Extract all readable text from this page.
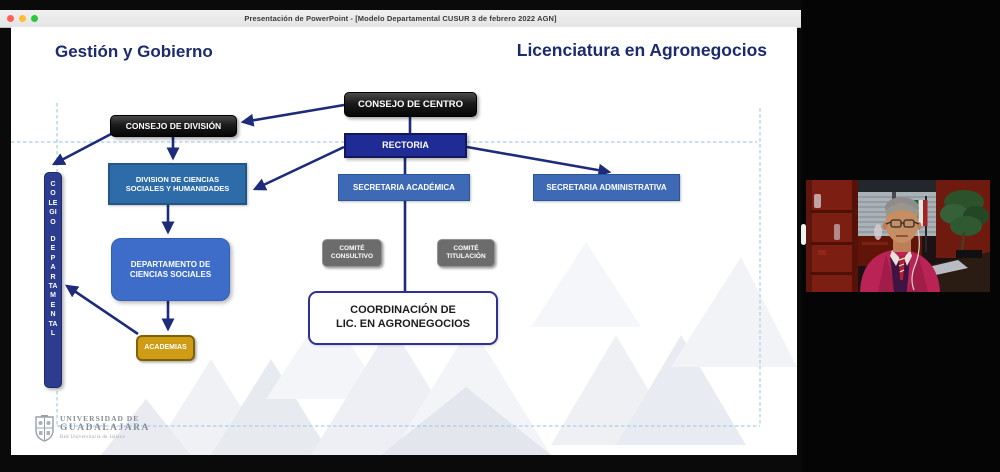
Presentación de PowerPoint - [Modelo Departamental CUSUR 3 de febrero 2022 AGN]
Gestión y Gobierno	Licenciatura en Agronegocios
CONSEJO DE CENTRO
CONSEJO DE DIVISIÓN
RECTORIA
DIVISION DE CIENCIAS
SOCIALES Y HUMANIDADES	SECRETARIA ACADÉMICA	SECRETARIA ADMINISTRATIVA
COLEGIO
DEPARTAMENTAL
DEPARTAMENTO DE
CIENCIAS SOCIALES
COMITÉ
CONSULTIVO
COMITÉ
TITULACIÓN
COORDINACIÓN DE
LIC. EN AGRONEGOCIOS
ACADEMIAS
UNIVERSIDAD DE
GUADALAJARA
Red Universitaria de Jalisco
